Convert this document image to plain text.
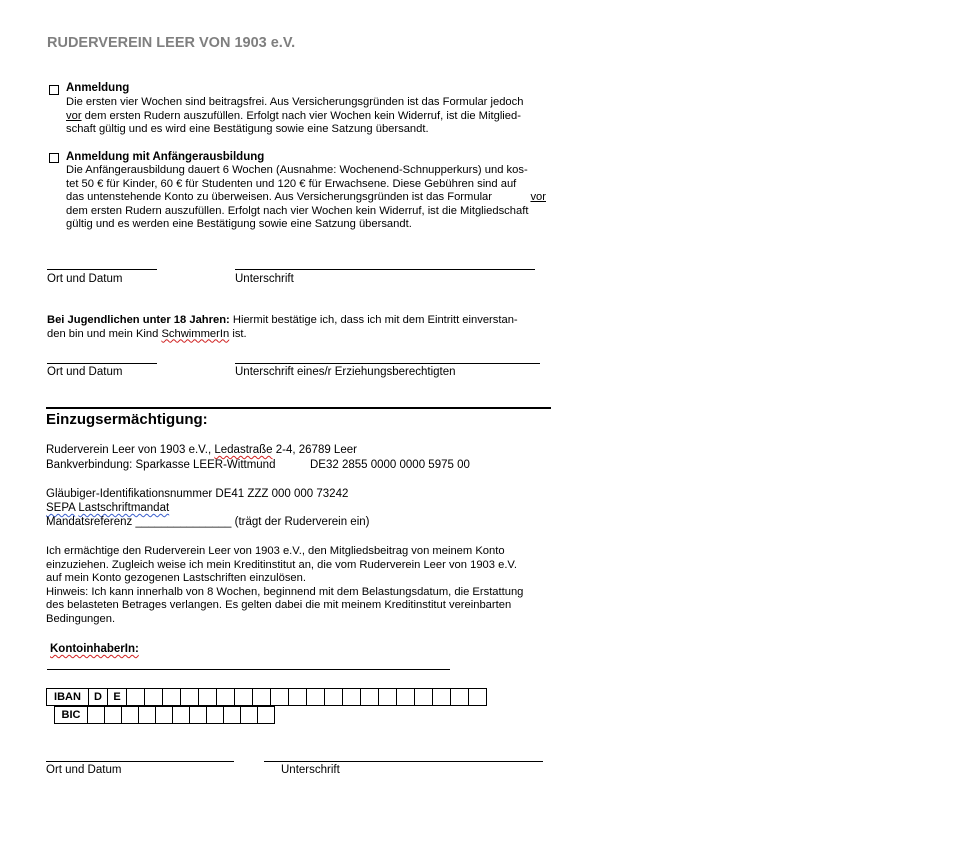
RUDERVEREIN LEER VON 1903 e.V.
Anmeldung
Die ersten vier Wochen sind beitragsfrei. Aus Versicherungsgründen ist das Formular jedoch
vor dem ersten Rudern auszufüllen. Erfolgt nach vier Wochen kein Widerruf, ist die Mitglied-
schaft gültig und es wird eine Bestätigung sowie eine Satzung übersandt.
Anmeldung mit Anfängerausbildung
Die Anfängerausbildung dauert 6 Wochen (Ausnahme: Wochenend-Schnupperkurs) und kos-
tet 50 € für Kinder, 60 € für Studenten und 120 € für Erwachsene. Diese Gebühren sind auf
das untenstehende Konto zu überweisen. Aus Versicherungsgründen ist das Formular	vor
dem ersten Rudern auszufüllen. Erfolgt nach vier Wochen kein Widerruf, ist die Mitgliedschaft
gültig und es werden eine Bestätigung sowie eine Satzung übersandt.
Ort und Datum	Unterschrift
Bei Jugendlichen unter 18 Jahren: Hiermit bestätige ich, dass ich mit dem Eintritt einverstan-
den bin und mein Kind SchwimmerIn ist.
Ort und Datum	Unterschrift eines/r Erziehungsberechtigten
Einzugsermächtigung:
Ruderverein Leer von 1903 e.V., Ledastraße 2-4, 26789 Leer
Bankverbindung: Sparkasse LEER-Wittmund	DE32 2855 0000 0000 5975 00
Gläubiger-Identifikationsnummer DE41 ZZZ 000 000 73242
SEPA Lastschriftmandat
Mandatsreferenz _______________ (trägt der Ruderverein ein)
Ich ermächtige den Ruderverein Leer von 1903 e.V., den Mitgliedsbeitrag von meinem Konto
einzuziehen. Zugleich weise ich mein Kreditinstitut an, die vom Ruderverein Leer von 1903 e.V.
auf mein Konto gezogenen Lastschriften einzulösen.
Hinweis: Ich kann innerhalb von 8 Wochen, beginnend mit dem Belastungsdatum, die Erstattung
des belasteten Betrages verlangen. Es gelten dabei die mit meinem Kreditinstitut vereinbarten
Bedingungen.
KontoinhaberIn:
IBAN	D	E
BIC
Ort und Datum	Unterschrift
